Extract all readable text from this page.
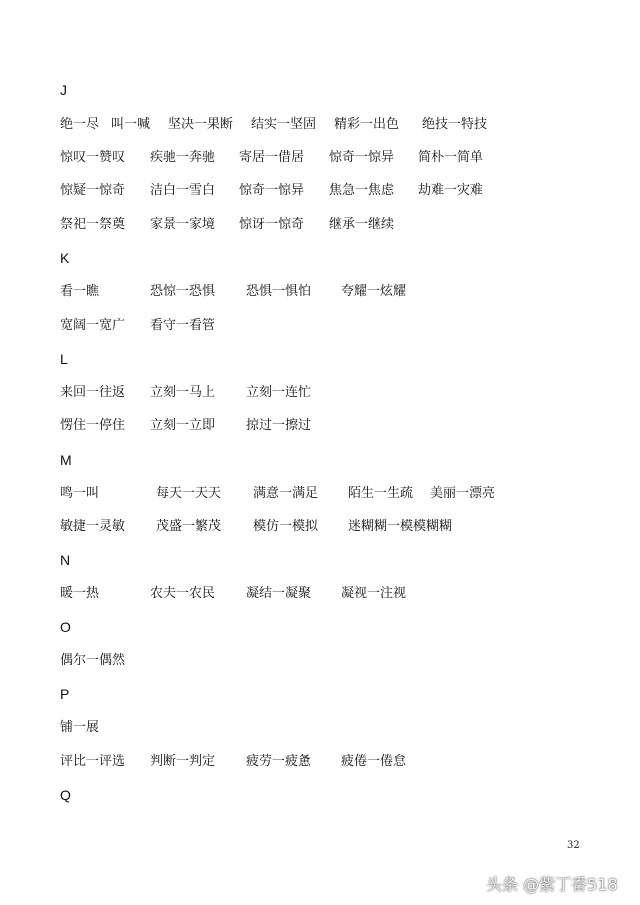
J
绝一尽 叫一喊 坚决一果断 结实一坚固 精彩一出色 绝技一特技
惊叹一赞叹 疾驰一奔驰 寄居一借居 惊奇一惊异 简朴一简单
惊疑一惊奇 洁白一雪白 惊奇一惊异 焦急一焦虑 劫难一灾难
祭祀一祭奠 家景一家境 惊讶一惊奇 继承一继续
K
看一瞧	恐惊一恐惧 恐惧一惧怕 夸耀一炫耀
宽阔一宽广 看守一看管
L
来回一往返 立刻一马上 立刻一连忙
愣住一停住 立刻一立即 掠过一擦过
M
鸣一叫	每天一天天 满意一满足 陌生一生疏 美丽一漂亮
敏捷一灵敏 茂盛一繁茂 模仿一模拟 迷糊糊一模模糊糊
N
暖一热	农夫一农民 凝结一凝聚 凝视一注视
O
偶尔一偶然
P
铺一展
评比一评选 判断一判定 疲劳一疲惫 疲倦一倦怠
Q
32
头条 @紫丁香518
